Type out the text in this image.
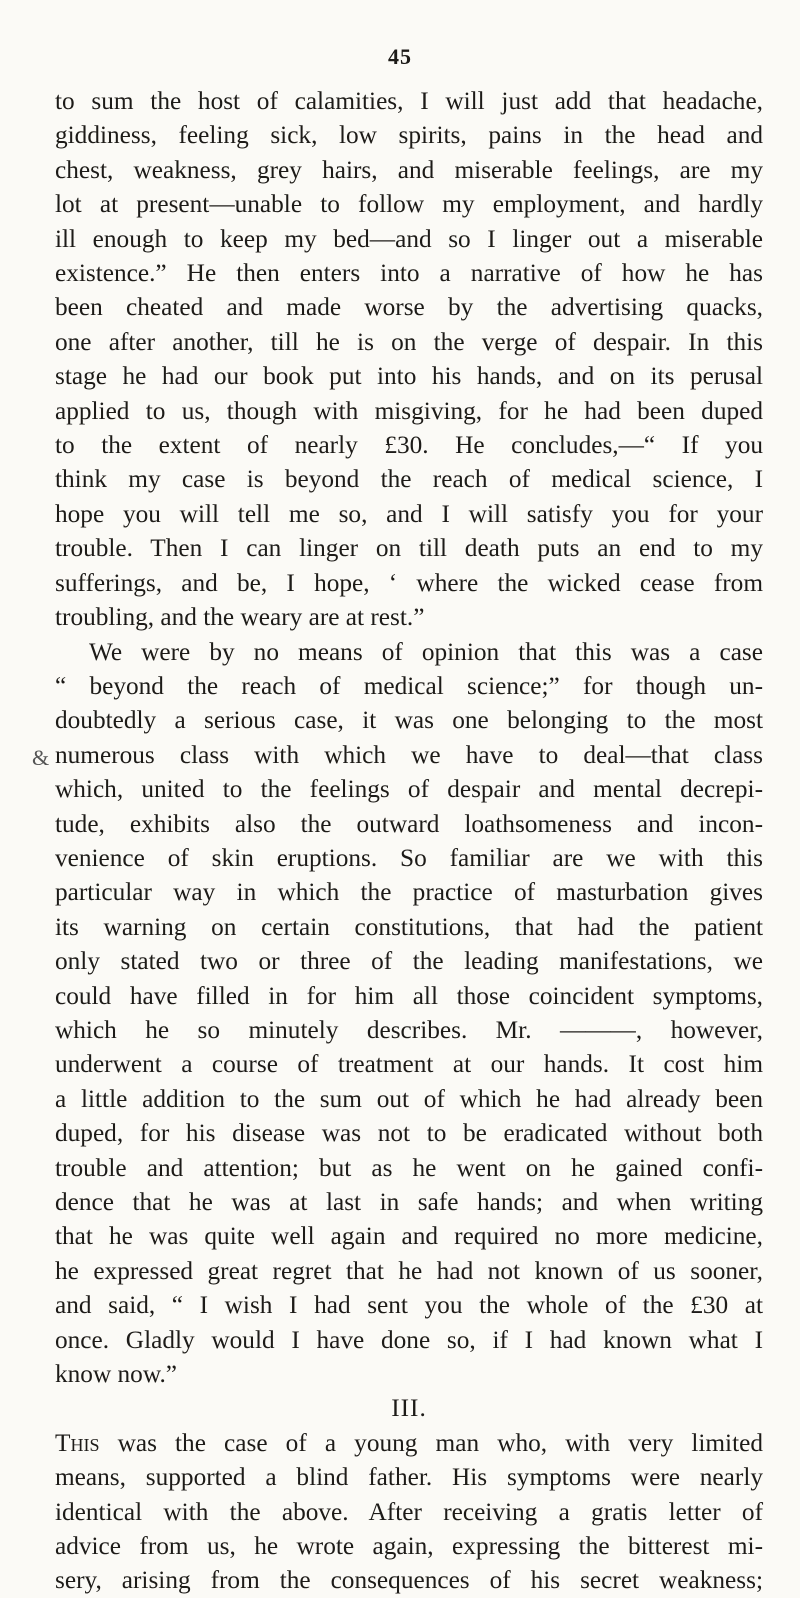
45
&
to sum the host of calamities, I will just add that headache,
giddiness, feeling sick, low spirits, pains in the head and
chest, weakness, grey hairs, and miserable feelings, are my
lot at present—unable to follow my employment, and hardly
ill enough to keep my bed—and so I linger out a miserable
existence.” He then enters into a narrative of how he has
been cheated and made worse by the advertising quacks,
one after another, till he is on the verge of despair. In this
stage he had our book put into his hands, and on its perusal
applied to us, though with misgiving, for he had been duped
to the extent of nearly £30. He concludes,—“ If you
think my case is beyond the reach of medical science, I
hope you will tell me so, and I will satisfy you for your
trouble. Then I can linger on till death puts an end to my
sufferings, and be, I hope, ‘ where the wicked cease from
troubling, and the weary are at rest.”
We were by no means of opinion that this was a case
“ beyond the reach of medical science;” for though un-
doubtedly a serious case, it was one belonging to the most
numerous class with which we have to deal—that class
which, united to the feelings of despair and mental decrepi-
tude, exhibits also the outward loathsomeness and incon-
venience of skin eruptions. So familiar are we with this
particular way in which the practice of masturbation gives
its warning on certain constitutions, that had the patient
only stated two or three of the leading manifestations, we
could have filled in for him all those coincident symptoms,
which he so minutely describes. Mr. ———, however,
underwent a course of treatment at our hands. It cost him
a little addition to the sum out of which he had already been
duped, for his disease was not to be eradicated without both
trouble and attention; but as he went on he gained confi-
dence that he was at last in safe hands; and when writing
that he was quite well again and required no more medicine,
he expressed great regret that he had not known of us sooner,
and said, “ I wish I had sent you the whole of the £30 at
once. Gladly would I have done so, if I had known what I
know now.”
III.
This was the case of a young man who, with very limited
means, supported a blind father. His symptoms were nearly
identical with the above. After receiving a gratis letter of
advice from us, he wrote again, expressing the bitterest mi-
sery, arising from the consequences of his secret weakness;
